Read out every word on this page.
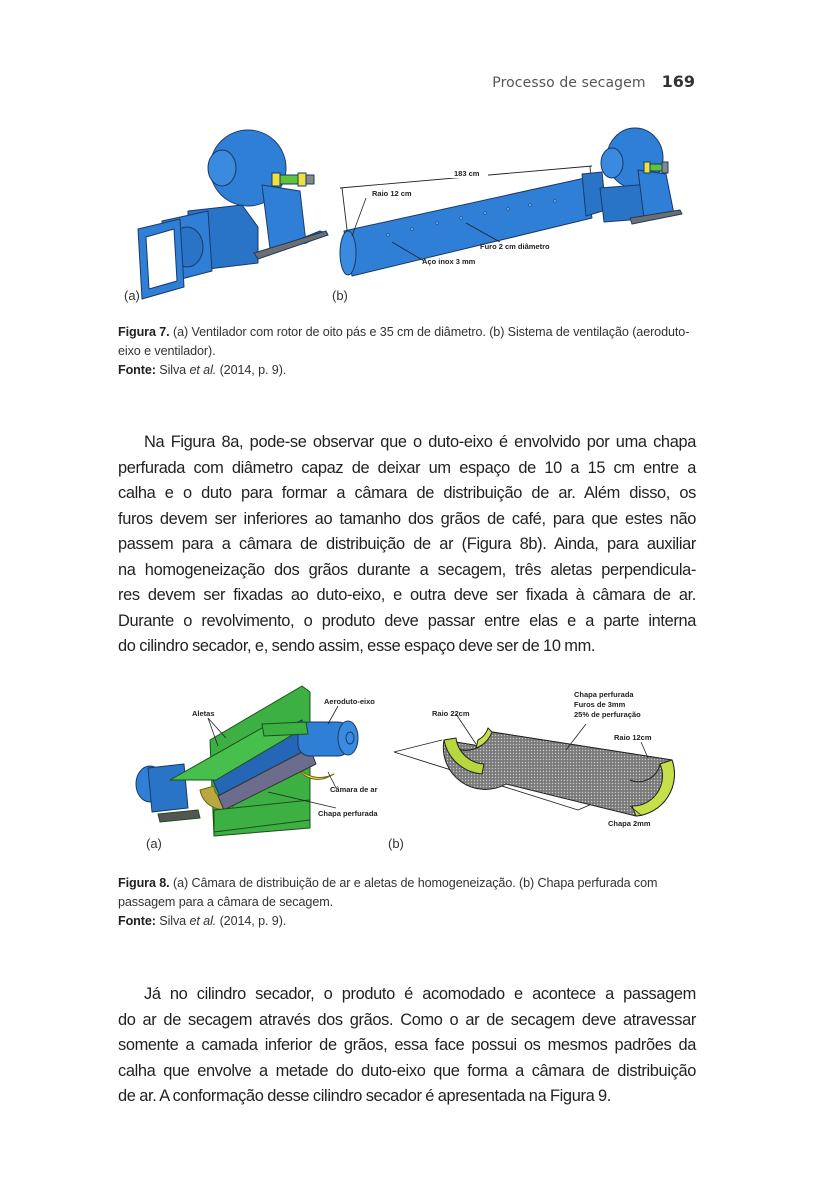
Processo de secagem 169
(a)
183 cm
Raio 12 cm
Furo 2 cm diâmetro
Aço inox 3 mm
(b)
Figura 7. (a) Ventilador com rotor de oito pás e 35 cm de diâmetro. (b) Sistema de ventilação (aeroduto-eixo e ventilador).
Fonte: Silva et al. (2014, p. 9).
Na Figura 8a, pode-se observar que o duto-eixo é envolvido por uma chapa
perfurada com diâmetro capaz de deixar um espaço de 10 a 15 cm entre a
calha e o duto para formar a câmara de distribuição de ar. Além disso, os
furos devem ser inferiores ao tamanho dos grãos de café, para que estes não
passem para a câmara de distribuição de ar (Figura 8b). Ainda, para auxiliar
na homogeneização dos grãos durante a secagem, três aletas perpendicula-
res devem ser fixadas ao duto-eixo, e outra deve ser fixada à câmara de ar.
Durante o revolvimento, o produto deve passar entre elas e a parte interna
do cilindro secador, e, sendo assim, esse espaço deve ser de 10 mm.
Aletas
Aeroduto-eixo
Câmara de ar
Chapa perfurada
(a)
Raio 22cm
Chapa perfurada
Furos de 3mm
25% de perfuração
Raio 12cm
Chapa 2mm
(b)
Figura 8. (a) Câmara de distribuição de ar e aletas de homogeneização. (b) Chapa perfurada com passagem para a câmara de secagem.
Fonte: Silva et al. (2014, p. 9).
Já no cilindro secador, o produto é acomodado e acontece a passagem
do ar de secagem através dos grãos. Como o ar de secagem deve atravessar
somente a camada inferior de grãos, essa face possui os mesmos padrões da
calha que envolve a metade do duto-eixo que forma a câmara de distribuição
de ar. A conformação desse cilindro secador é apresentada na Figura 9.
